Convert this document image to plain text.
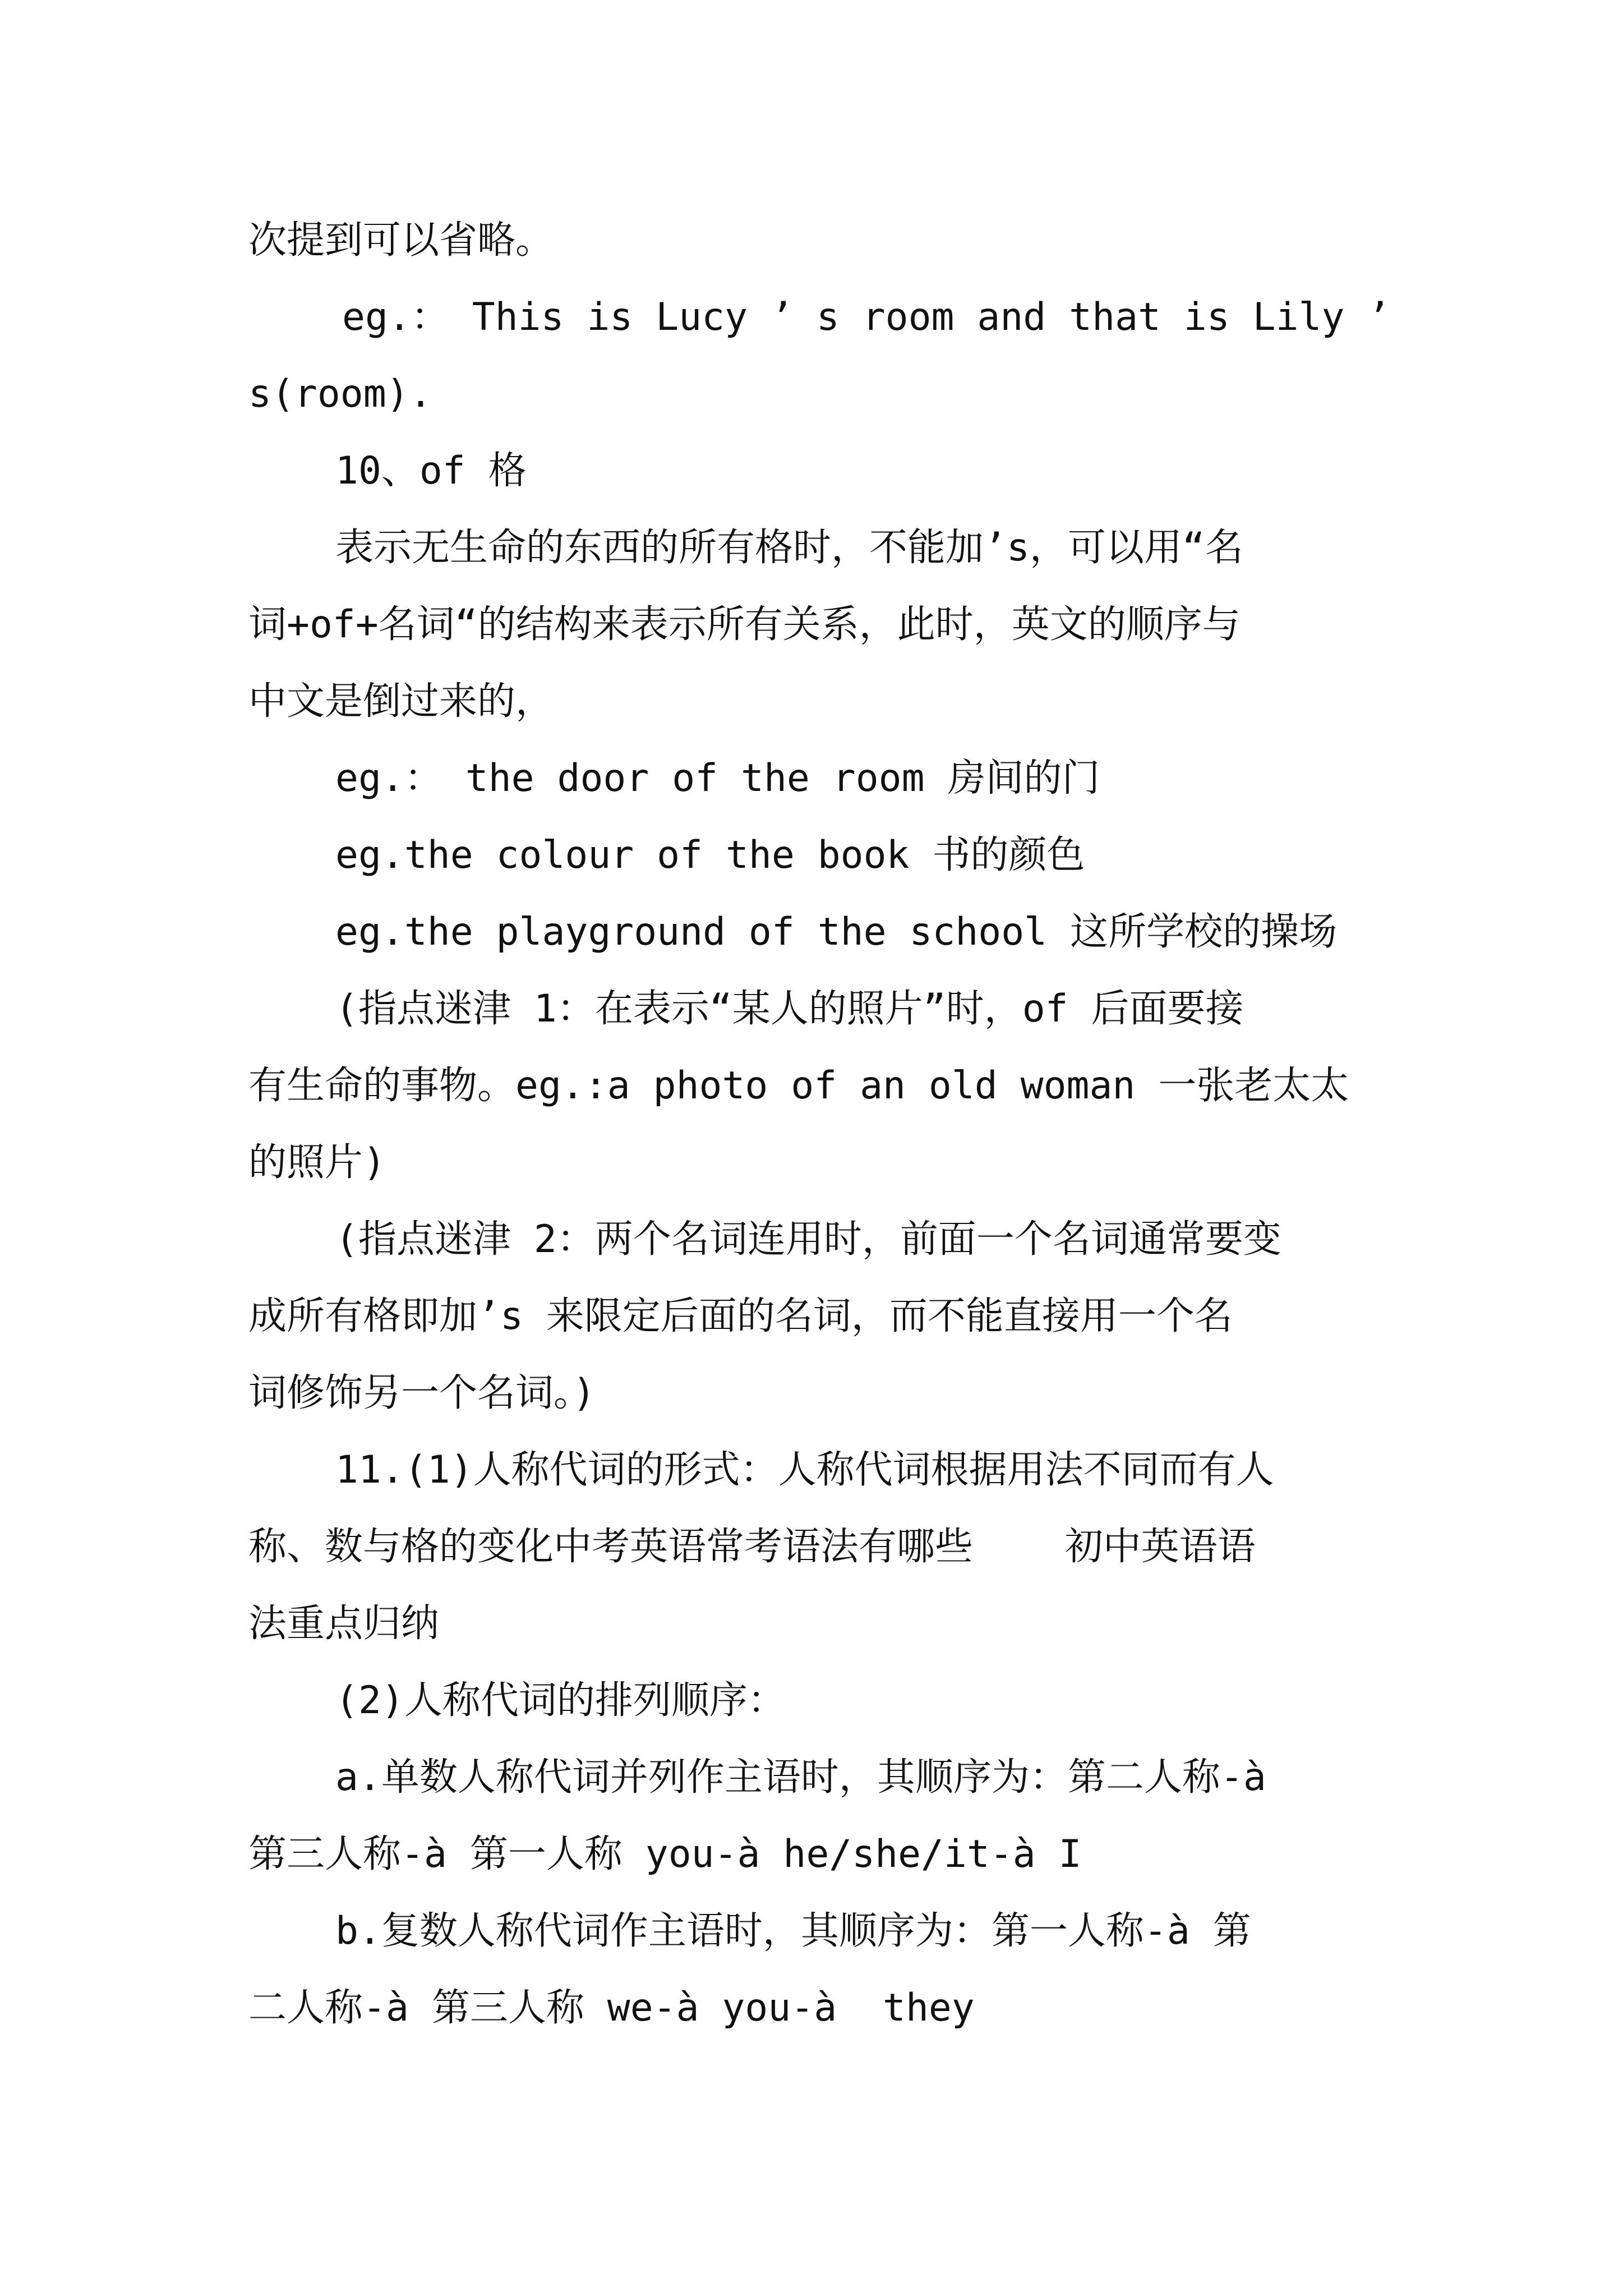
次提到可以省略。

eg.： This is Lucy ’ s room and that is Lily ’

s(room).

10、of 格

表示无生命的东西的所有格时，不能加’s，可以用“名

词+of+名词“的结构来表示所有关系，此时，英文的顺序与

中文是倒过来的，

eg.： the door of the room 房间的门

eg.the colour of the book 书的颜色

eg.the playground of the school 这所学校的操场

(指点迷津 1：在表示“某人的照片”时，of 后面要接

有生命的事物。eg.:a photo of an old woman 一张老太太

的照片)

(指点迷津 2：两个名词连用时，前面一个名词通常要变

成所有格即加’s 来限定后面的名词，而不能直接用一个名

词修饰另一个名词。)

11.(1)人称代词的形式：人称代词根据用法不同而有人

称、数与格的变化中考英语常考语法有哪些    初中英语语

法重点归纳

(2)人称代词的排列顺序：

a.单数人称代词并列作主语时，其顺序为：第二人称-à

第三人称-à 第一人称 you-à he/she/it-à I

b.复数人称代词作主语时，其顺序为：第一人称-à 第

二人称-à 第三人称 we-à you-à  they
